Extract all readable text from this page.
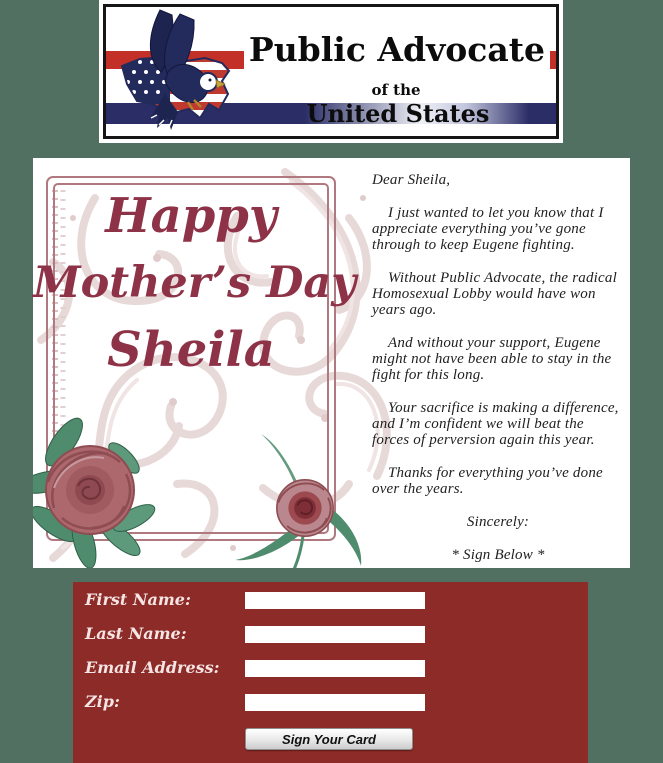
Public Advocate
of the
United States
Happy
Mother’s Day
Sheila

Dear Sheila,

I just wanted to let you know that I appreciate everything you’ve gone through to keep Eugene fighting.

Without Public Advocate, the radical Homosexual Lobby would have won years ago.

And without your support, Eugene might not have been able to stay in the fight for this long.

Your sacrifice is making a difference, and I’m confident we will beat the forces of perversion again this year.

Thanks for everything you’ve done over the years.

Sincerely:

* Sign Below *

First Name:
Last Name:
Email Address:
Zip:
Sign Your Card
